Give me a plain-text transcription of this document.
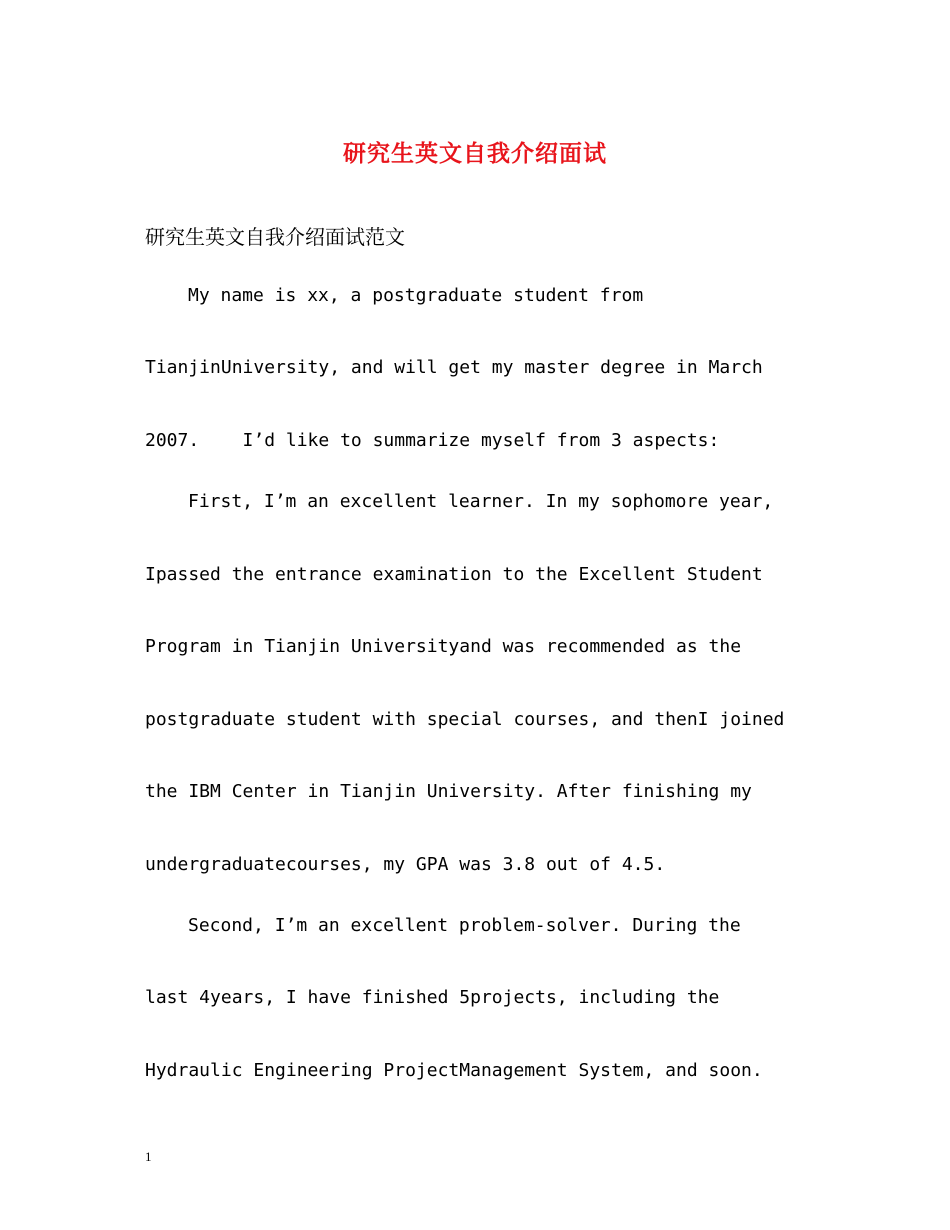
研究生英文自我介绍面试
研究生英文自我介绍面试范文
My name is xx, a postgraduate student from
TianjinUniversity, and will get my master degree in March
2007.    I’d like to summarize myself from 3 aspects:
First, I’m an excellent learner. In my sophomore year,
Ipassed the entrance examination to the Excellent Student
Program in Tianjin Universityand was recommended as the
postgraduate student with special courses, and thenI joined
the IBM Center in Tianjin University. After finishing my
undergraduatecourses, my GPA was 3.8 out of 4.5.
Second, I’m an excellent problem-solver. During the
last 4years, I have finished 5projects, including the
Hydraulic Engineering ProjectManagement System, and soon.
1
